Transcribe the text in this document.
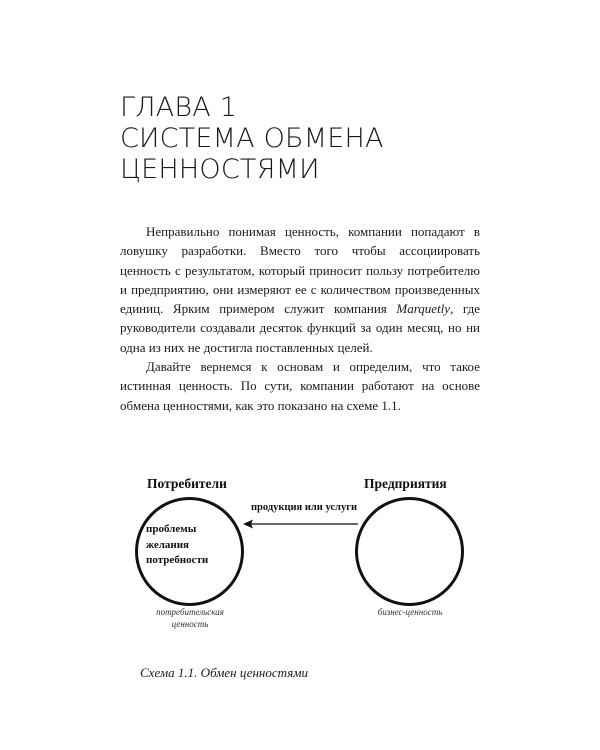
ГЛАВА 1
СИСТЕМА ОБМЕНА
ЦЕННОСТЯМИ

Неправильно понимая ценность, компании попадают в ловушку разработки. Вместо того чтобы ассоциировать ценность с результатом, который приносит пользу потребителю и предприятию, они измеряют ее с количеством произведенных единиц. Ярким примером служит компания Marquetly, где руководители создавали десяток функций за один месяц, но ни одна из них не достигла поставленных целей.

Давайте вернемся к основам и определим, что такое истинная ценность. По сути, компании работают на основе обмена ценностями, как это показано на схеме 1.1.

Потребители	Предприятия
проблемы
желания
потребности
продукция или услуги
потребительская
ценность
бизнес-ценность
Схема 1.1. Обмен ценностями
